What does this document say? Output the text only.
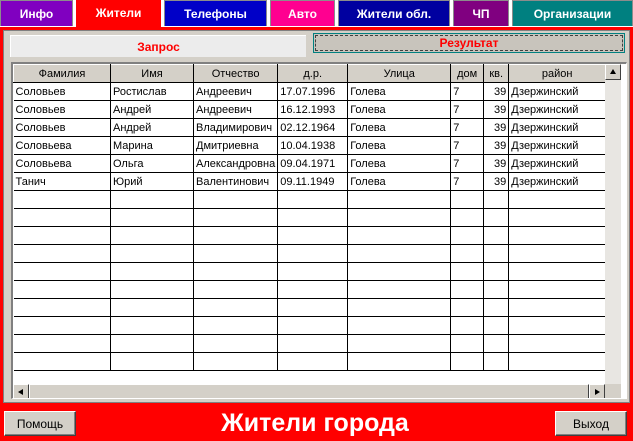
Инфо	Жители	Телефоны	Авто	Жители обл.	ЧП	Организации
Запрос	Результат
Фамилия	Имя	Отчество	д.р.	Улица	дом	кв.	район
Соловьев	Ростислав	Андреевич	17.07.1996	Голева	7	39	Дзержинский
Соловьев	Андрей	Андреевич	16.12.1993	Голева	7	39	Дзержинский
Соловьев	Андрей	Владимирович	02.12.1964	Голева	7	39	Дзержинский
Соловьева	Марина	Дмитриевна	10.04.1938	Голева	7	39	Дзержинский
Соловьева	Ольга	Александровна	09.04.1971	Голева	7	39	Дзержинский
Танич	Юрий	Валентинович	09.11.1949	Голева	7	39	Дзержинский

Помощь	Жители города	Выход
